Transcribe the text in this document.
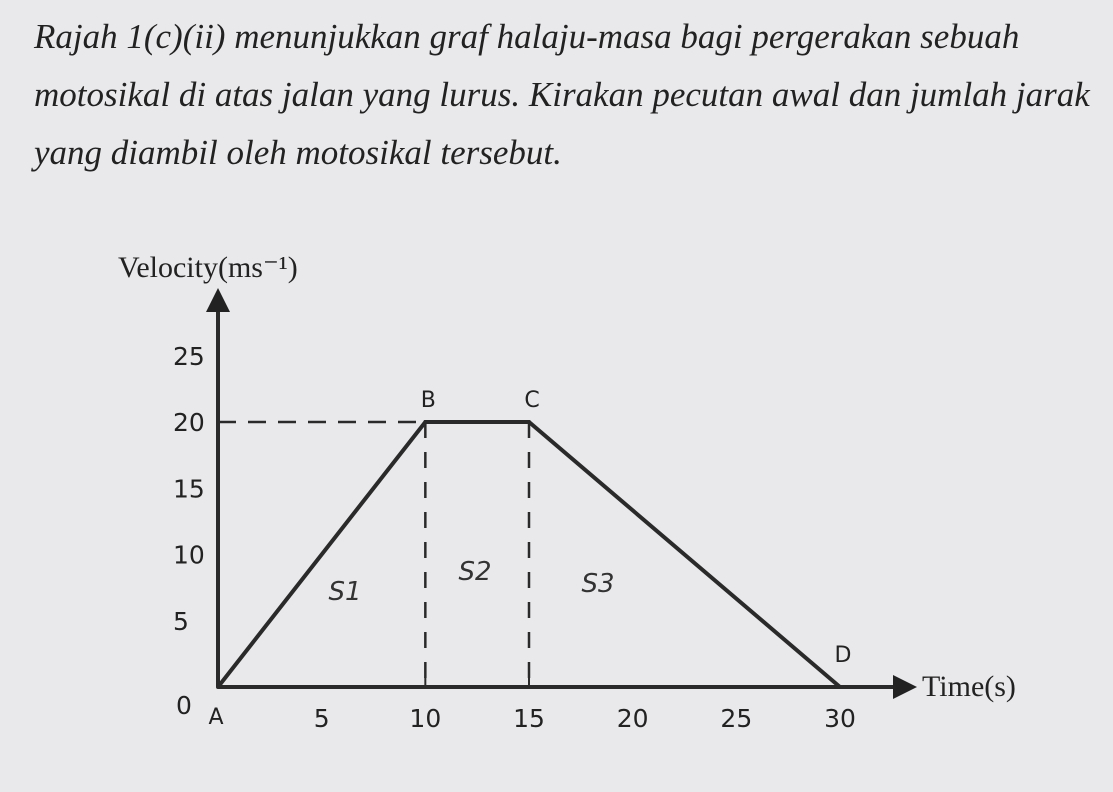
Rajah 1(c)(ii) menunjukkan graf halaju-masa bagi pergerakan sebuah
motosikal di atas jalan yang lurus. Kirakan pecutan awal dan jumlah jarak
yang diambil oleh motosikal tersebut.
25
20
15
10
5
0	5	10	15	20	25	30
A
B	C
D
S1
S2	S3
Velocity(ms⁻¹)
Time(s)
